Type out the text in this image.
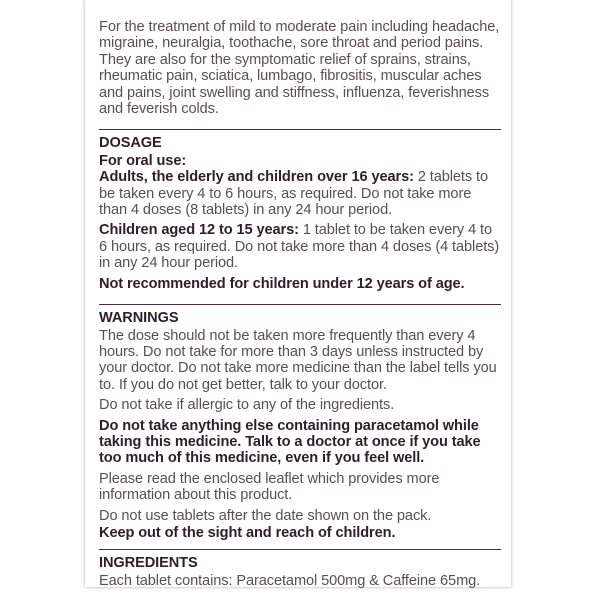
For the treatment of mild to moderate pain including headache, migraine, neuralgia, toothache, sore throat and period pains. They are also for the symptomatic relief of sprains, strains, rheumatic pain, sciatica, lumbago, fibrositis, muscular aches and pains, joint swelling and stiffness, influenza, feverishness and feverish colds.

DOSAGE
For oral use:

Adults, the elderly and children over 16 years: 2 tablets to be taken every 4 to 6 hours, as required. Do not take more than 4 doses (8 tablets) in any 24 hour period.

Children aged 12 to 15 years: 1 tablet to be taken every 4 to 6 hours, as required. Do not take more than 4 doses (4 tablets) in any 24 hour period.

Not recommended for children under 12 years of age.

WARNINGS

The dose should not be taken more frequently than every 4 hours. Do not take for more than 3 days unless instructed by your doctor. Do not take more medicine than the label tells you to. If you do not get better, talk to your doctor.

Do not take if allergic to any of the ingredients.

Do not take anything else containing paracetamol while taking this medicine. Talk to a doctor at once if you take too much of this medicine, even if you feel well.

Please read the enclosed leaflet which provides more information about this product.

Do not use tablets after the date shown on the pack.

Keep out of the sight and reach of children.

INGREDIENTS

Each tablet contains: Paracetamol 500mg & Caffeine 65mg.
